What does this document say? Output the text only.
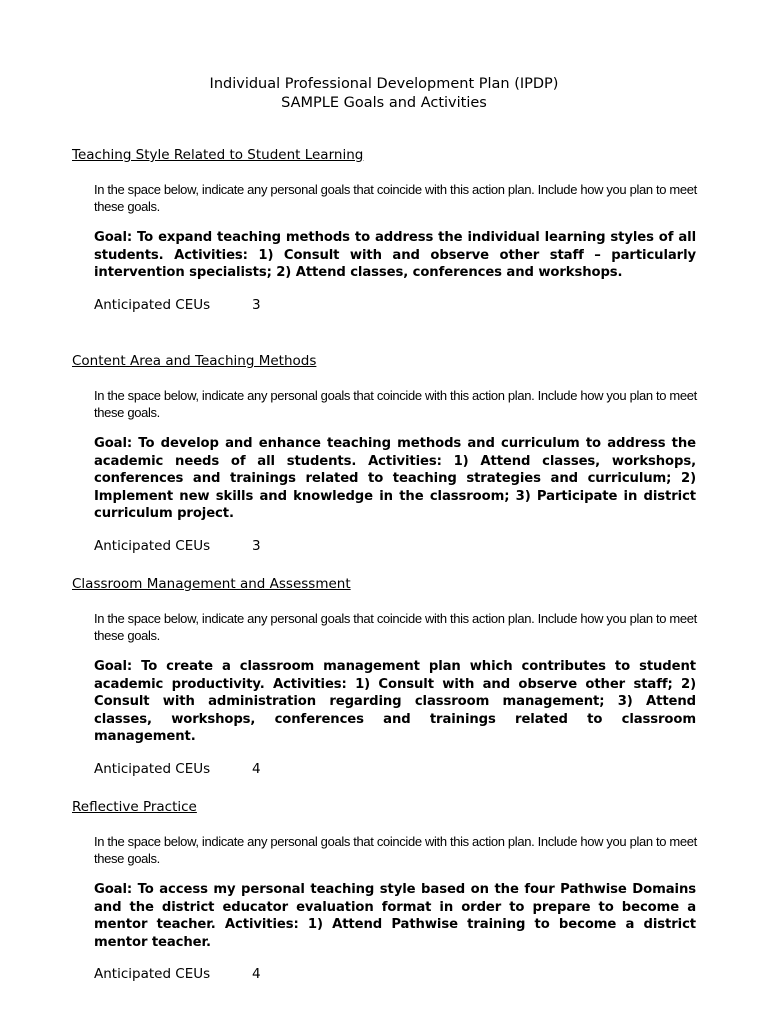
Individual Professional Development Plan (IPDP)
SAMPLE Goals and Activities
Teaching Style Related to Student Learning
In the space below, indicate any personal goals that coincide with this action plan. Include how you plan to meet these goals.
Goal: To expand teaching methods to address the individual learning styles of all students. Activities: 1) Consult with and observe other staff – particularly intervention specialists; 2) Attend classes, conferences and workshops.
Anticipated CEUs	3
Content Area and Teaching Methods
In the space below, indicate any personal goals that coincide with this action plan. Include how you plan to meet these goals.
Goal: To develop and enhance teaching methods and curriculum to address the academic needs of all students. Activities: 1) Attend classes, workshops, conferences and trainings related to teaching strategies and curriculum; 2) Implement new skills and knowledge in the classroom; 3) Participate in district curriculum project.
Anticipated CEUs	3
Classroom Management and Assessment
In the space below, indicate any personal goals that coincide with this action plan. Include how you plan to meet these goals.
Goal: To create a classroom management plan which contributes to student academic productivity. Activities: 1) Consult with and observe other staff; 2) Consult with administration regarding classroom management; 3) Attend classes, workshops, conferences and trainings related to classroom management.
Anticipated CEUs	4
Reflective Practice
In the space below, indicate any personal goals that coincide with this action plan. Include how you plan to meet these goals.
Goal: To access my personal teaching style based on the four Pathwise Domains and the district educator evaluation format in order to prepare to become a mentor teacher. Activities: 1) Attend Pathwise training to become a district mentor teacher.
Anticipated CEUs	4
